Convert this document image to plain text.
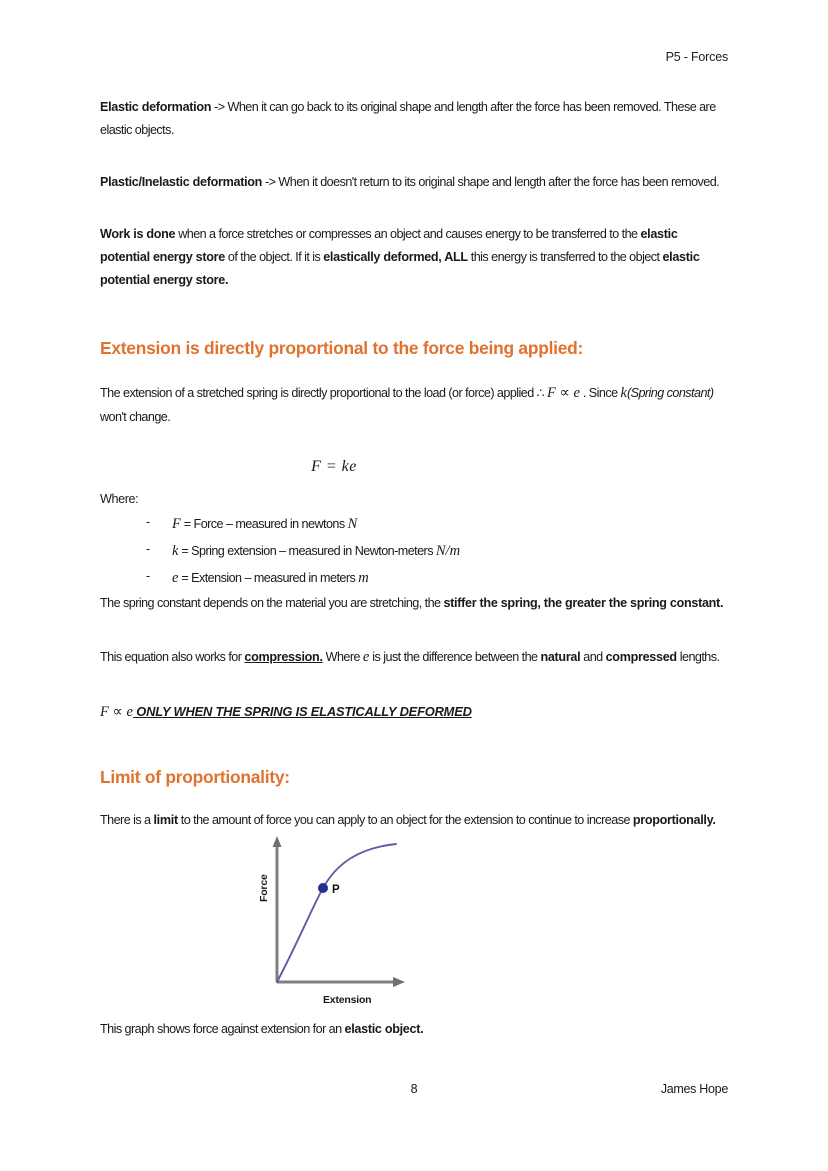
P5 - Forces

Elastic deformation -> When it can go back to its original shape and length after the force has been removed. These are elastic objects.

Plastic/Inelastic deformation -> When it doesn't return to its original shape and length after the force has been removed.

Work is done when a force stretches or compresses an object and causes energy to be transferred to the elastic potential energy store of the object. If it is elastically deformed, ALL this energy is transferred to the object elastic potential energy store.

Extension is directly proportional to the force being applied:

The extension of a stretched spring is directly proportional to the load (or force) applied ∴ F ∝ e . Since k(Spring constant) won't change.

F = ke

Where:

- F = Force – measured in newtons N
- k = Spring extension – measured in Newton-meters N/m
- e = Extension – measured in meters m

The spring constant depends on the material you are stretching, the stiffer the spring, the greater the spring constant.

This equation also works for compression. Where e is just the difference between the natural and compressed lengths.

F ∝ e ONLY WHEN THE SPRING IS ELASTICALLY DEFORMED

Limit of proportionality:

There is a limit to the amount of force you can apply to an object for the extension to continue to increase proportionally.

P
Force
Extension

This graph shows force against extension for an elastic object.

8	James Hope
